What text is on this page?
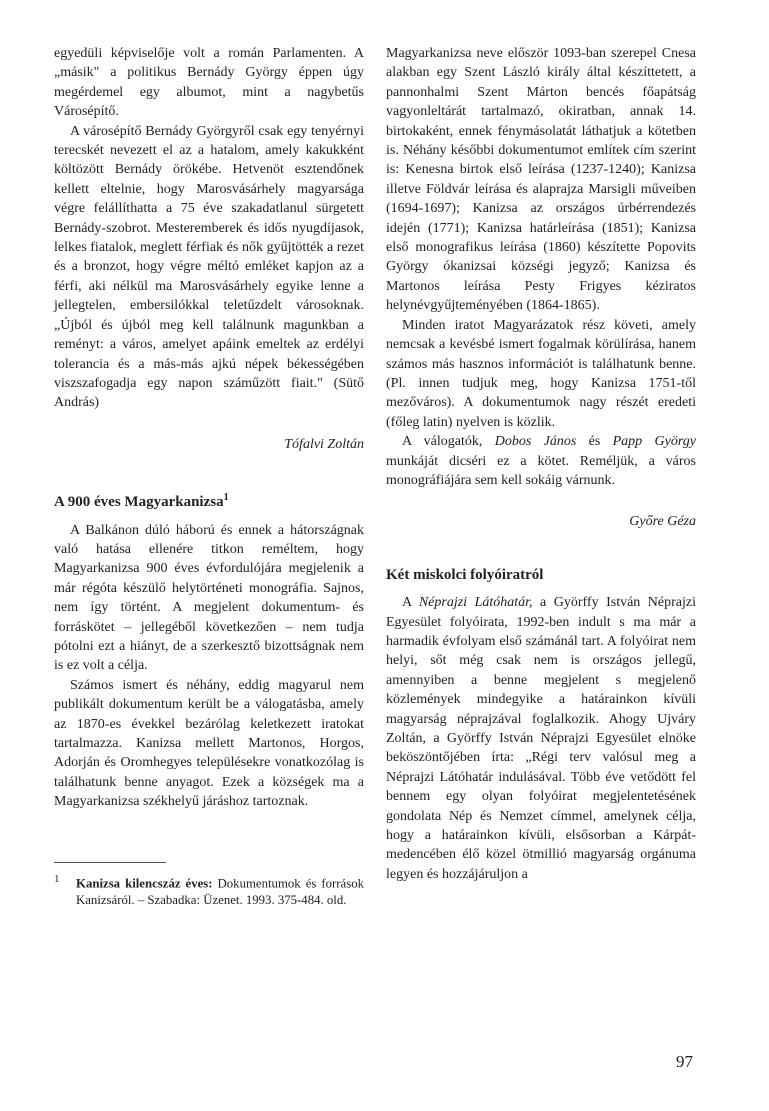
egyedüli képviselője volt a román Parlamenten. A „másik" a politikus Bernády György éppen úgy megérdemel egy albumot, mint a nagybetűs Városépítő.

A városépítő Bernády Györgyről csak egy tenyérnyi terecskét nevezett el az a hatalom, amely kakukként költözött Bernády örökébe. Hetvenöt esztendőnek kellett eltelnie, hogy Marosvásárhely magyarsága végre felállíthatta a 75 éve szakadatlanul sürgetett Bernády-szobrot. Mesteremberek és idős nyugdíjasok, lelkes fiatalok, meglett férfiak és nők gyűjtötték a rezet és a bronzot, hogy végre méltó emléket kapjon az a férfi, aki nélkül ma Marosvásárhely egyike lenne a jellegtelen, embersilókkal teletűzdelt városoknak. „Újból és újból meg kell találnunk magunkban a reményt: a város, amelyet apáink emeltek az erdélyi tolerancia és a más-más ajkú népek békességében viszszafogadja egy napon száműzött fiait." (Sütő András)

Tófalvi Zoltán

A 900 éves Magyarkanizsa$^1$

A Balkánon dúló háború és ennek a hátországnak való hatása ellenére titkon reméltem, hogy Magyarkanizsa 900 éves évfordulójára megjelenik a már régóta készülő helytörténeti monográfia. Sajnos, nem így történt. A megjelent dokumentum- és forráskötet – jellegéből következően – nem tudja pótolni ezt a hiányt, de a szerkesztő bizottságnak nem is ez volt a célja.

Számos ismert és néhány, eddig magyarul nem publikált dokumentum került be a válogatásba, amely az 1870-es évekkel bezárólag keletkezett iratokat tartalmazza. Kanizsa mellett Martonos, Horgos, Adorján és Oromhegyes településekre vonatkozólag is találhatunk benne anyagot. Ezek a községek ma a Magyarkanizsa székhelyű járáshoz tartoznak.

1 Kanizsa kilencszáz éves: Dokumentumok és források Kanizsáról. – Szabadka: Üzenet. 1993. 375-484. old.

Magyarkanizsa neve először 1093-ban szerepel Cnesa alakban egy Szent László király által készíttetett, a pannonhalmi Szent Márton bencés főapátság vagyonleltárát tartalmazó, okiratban, annak 14. birtokaként, ennek fénymásolatát láthatjuk a kötetben is. Néhány későbbi dokumentumot említek cím szerint is: Kenesna birtok első leírása (1237-1240); Kanizsa illetve Földvár leírása és alaprajza Marsigli műveiben (1694-1697); Kanizsa az országos úrbérrendezés idején (1771); Kanizsa határleírása (1851); Kanizsa első monografikus leírása (1860) készítette Popovits György ókanizsai községi jegyző; Kanizsa és Martonos leírása Pesty Frigyes kéziratos helynévgyűjteményében (1864-1865).

Minden iratot Magyarázatok rész követi, amely nemcsak a kevésbé ismert fogalmak körülírása, hanem számos más hasznos információt is találhatunk benne. (Pl. innen tudjuk meg, hogy Kanizsa 1751-től mezőváros). A dokumentumok nagy részét eredeti (főleg latin) nyelven is közlik.

A válogatók, Dobos János és Papp György munkáját dicséri ez a kötet. Reméljük, a város monográfiájára sem kell sokáig várnunk.

Győre Géza

Két miskolci folyóiratról

A Néprajzi Látóhatár, a Györffy István Néprajzi Egyesület folyóirata, 1992-ben indult s ma már a harmadik évfolyam első számánál tart. A folyóirat nem helyi, sőt még csak nem is országos jellegű, amennyiben a benne megjelent s megjelenő közlemények mindegyike a határainkon kívüli magyarság néprajzával foglalkozik. Ahogy Ujváry Zoltán, a Györffy István Néprajzi Egyesület elnöke beköszöntőjében írta: „Régi terv valósul meg a Néprajzi Látóhatár indulásával. Több éve vetődött fel bennem egy olyan folyóirat megjelentetésének gondolata Nép és Nemzet címmel, amelynek célja, hogy a határainkon kívüli, elsősorban a Kárpát-medencében élő közel ötmillió magyarság orgánuma legyen és hozzájáruljon a

97
